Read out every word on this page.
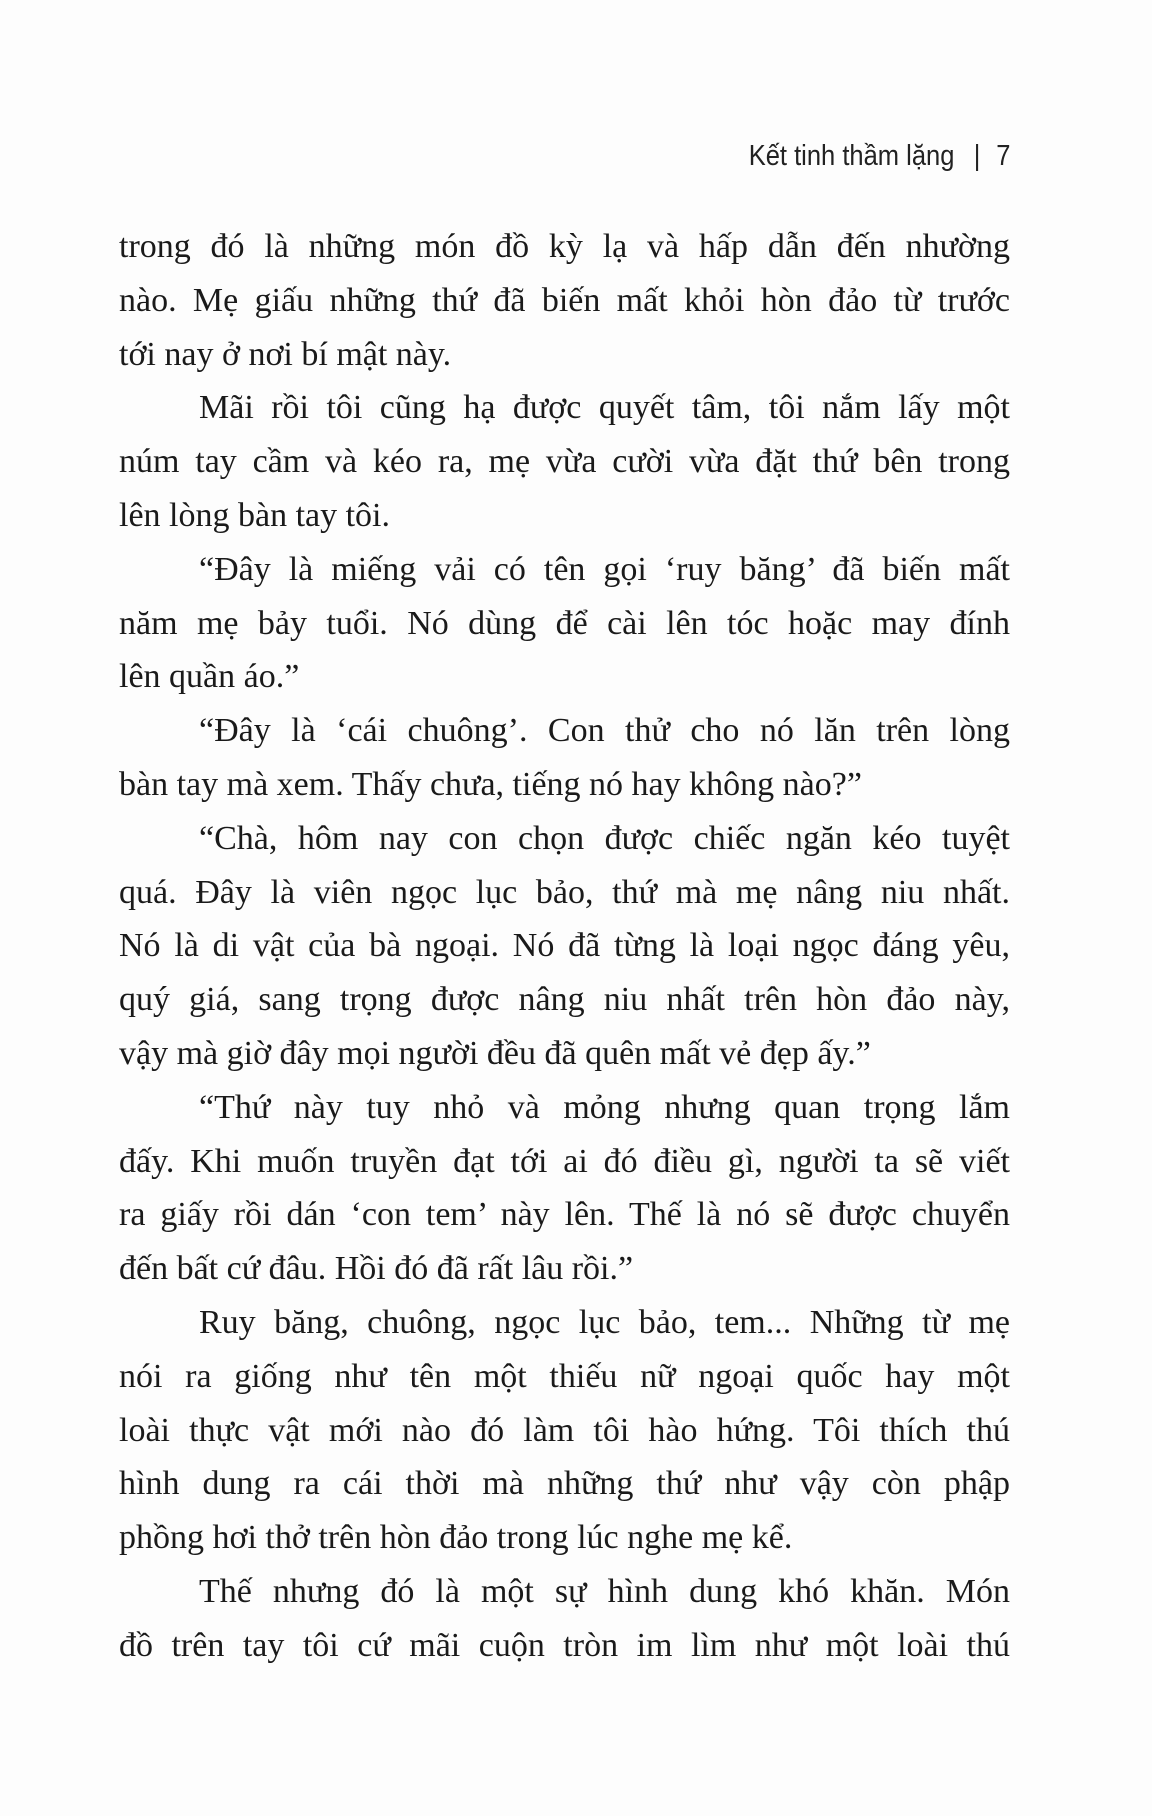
Kết tinh thầm lặng | 7
trong đó là những món đồ kỳ lạ và hấp dẫn đến nhường
nào. Mẹ giấu những thứ đã biến mất khỏi hòn đảo từ trước
tới nay ở nơi bí mật này.
Mãi rồi tôi cũng hạ được quyết tâm, tôi nắm lấy một
núm tay cầm và kéo ra, mẹ vừa cười vừa đặt thứ bên trong
lên lòng bàn tay tôi.
“Đây là miếng vải có tên gọi ‘ruy băng’ đã biến mất
năm mẹ bảy tuổi. Nó dùng để cài lên tóc hoặc may đính
lên quần áo.”
“Đây là ‘cái chuông’. Con thử cho nó lăn trên lòng
bàn tay mà xem. Thấy chưa, tiếng nó hay không nào?”
“Chà, hôm nay con chọn được chiếc ngăn kéo tuyệt
quá. Đây là viên ngọc lục bảo, thứ mà mẹ nâng niu nhất.
Nó là di vật của bà ngoại. Nó đã từng là loại ngọc đáng yêu,
quý giá, sang trọng được nâng niu nhất trên hòn đảo này,
vậy mà giờ đây mọi người đều đã quên mất vẻ đẹp ấy.”
“Thứ này tuy nhỏ và mỏng nhưng quan trọng lắm
đấy. Khi muốn truyền đạt tới ai đó điều gì, người ta sẽ viết
ra giấy rồi dán ‘con tem’ này lên. Thế là nó sẽ được chuyển
đến bất cứ đâu. Hồi đó đã rất lâu rồi.”
Ruy băng, chuông, ngọc lục bảo, tem... Những từ mẹ
nói ra giống như tên một thiếu nữ ngoại quốc hay một
loài thực vật mới nào đó làm tôi hào hứng. Tôi thích thú
hình dung ra cái thời mà những thứ như vậy còn phập
phồng hơi thở trên hòn đảo trong lúc nghe mẹ kể.
Thế nhưng đó là một sự hình dung khó khăn. Món
đồ trên tay tôi cứ mãi cuộn tròn im lìm như một loài thú
